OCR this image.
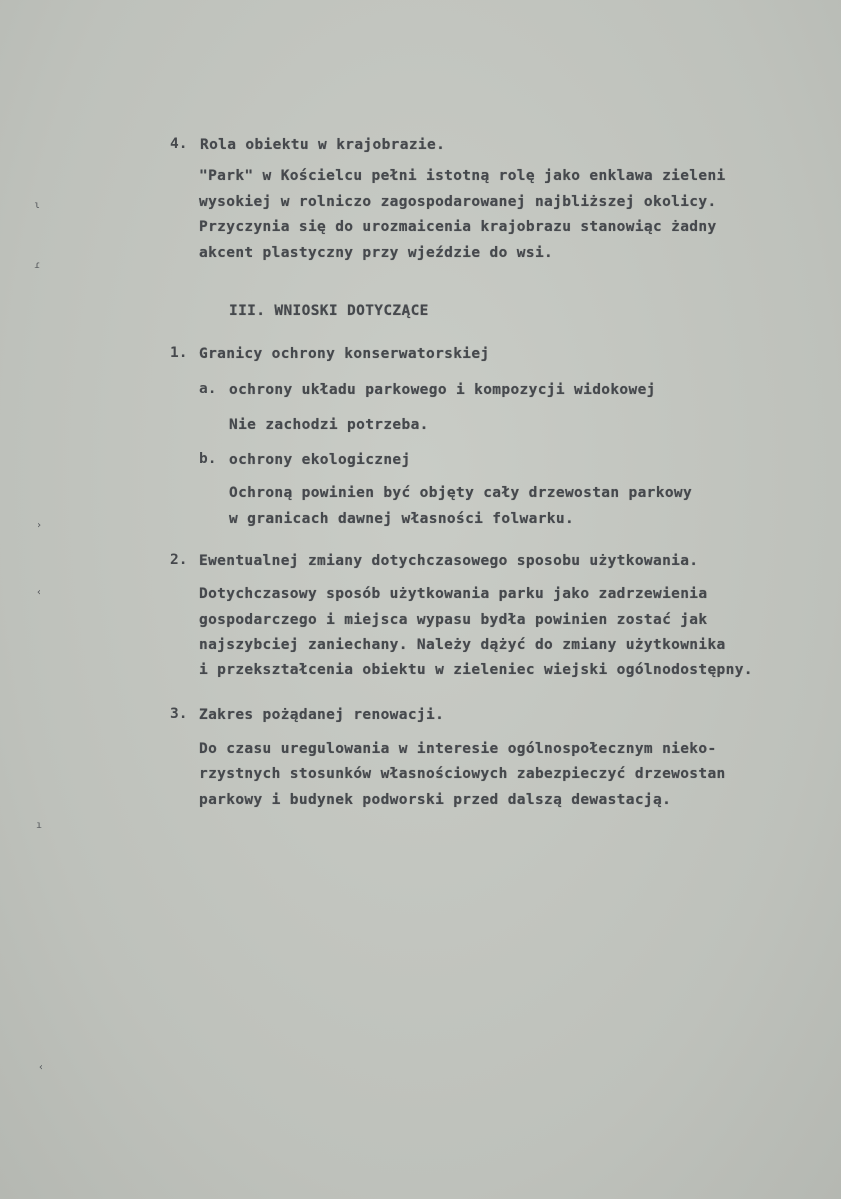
ɩ
ɾ
›
‹
ı
‹
4. Rola obiektu w krajobrazie.
"Park" w Kościelcu pełni istotną rolę jako enklawa zieleni
wysokiej w rolniczo zagospodarowanej najbliższej okolicy.
Przyczynia się do urozmaicenia krajobrazu stanowiąc żadny
akcent plastyczny przy wjeździe do wsi.
III. WNIOSKI DOTYCZĄCE
1. Granicy ochrony konserwatorskiej
a. ochrony układu parkowego i kompozycji widokowej
Nie zachodzi potrzeba.
b. ochrony ekologicznej
Ochroną powinien być objęty cały drzewostan parkowy
w granicach dawnej własności folwarku.
2. Ewentualnej zmiany dotychczasowego sposobu użytkowania.
Dotychczasowy sposób użytkowania parku jako zadrzewienia
gospodarczego i miejsca wypasu bydła powinien zostać jak
najszybciej zaniechany. Należy dążyć do zmiany użytkownika
i przekształcenia obiektu w zieleniec wiejski ogólnodostępny.
3. Zakres pożądanej renowacji.
Do czasu uregulowania w interesie ogólnospołecznym nieko-
rzystnych stosunków własnościowych zabezpieczyć drzewostan
parkowy i budynek podworski przed dalszą dewastacją.
